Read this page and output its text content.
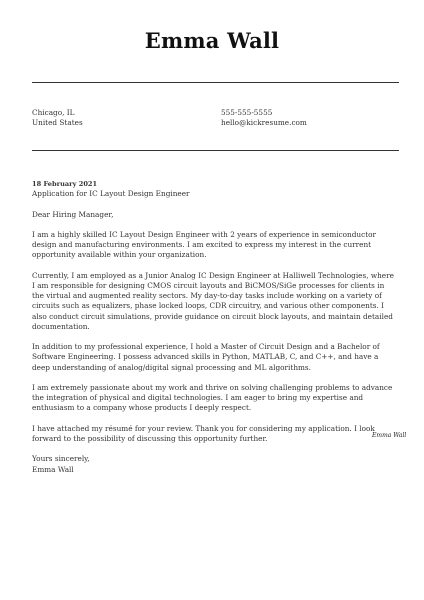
Emma Wall
Chicago, IL
United States
555-555-5555
hello@kickresume.com

18 February 2021

Application for IC Layout Design Engineer

Dear Hiring Manager,

I am a highly skilled IC Layout Design Engineer with 2 years of experience in semiconductor design and manufacturing environments. I am excited to express my interest in the current opportunity available within your organization.

Currently, I am employed as a Junior Analog IC Design Engineer at Halliwell Technologies, where I am responsible for designing CMOS circuit layouts and BiCMOS/SiGe processes for clients in the virtual and augmented reality sectors. My day-to-day tasks include working on a variety of circuits such as equalizers, phase locked loops, CDR circuitry, and various other components. I also conduct circuit simulations, provide guidance on circuit block layouts, and maintain detailed documentation.

In addition to my professional experience, I hold a Master of Circuit Design and a Bachelor of Software Engineering. I possess advanced skills in Python, MATLAB, C, and C++, and have a deep understanding of analog/digital signal processing and ML algorithms.

I am extremely passionate about my work and thrive on solving challenging problems to advance the integration of physical and digital technologies. I am eager to bring my expertise and enthusiasm to a company whose products I deeply respect.

I have attached my résumé for your review. Thank you for considering my application. I look forward to the possibility of discussing this opportunity further.

Yours sincerely,

Emma Wall

Emma Wall
